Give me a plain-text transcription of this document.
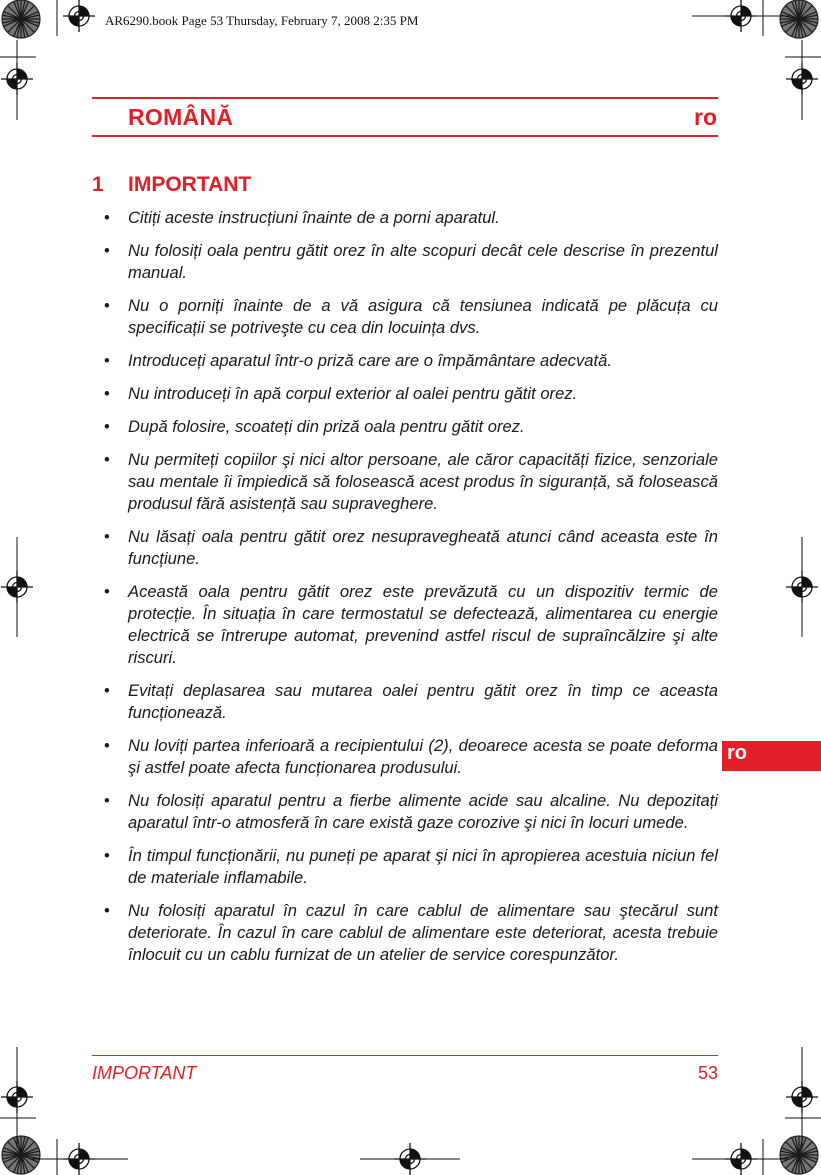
AR6290.book Page 53 Thursday, February 7, 2008 2:35 PM
ROMÂNĂ	ro
1 IMPORTANT
• Citiți aceste instrucțiuni înainte de a porni aparatul.
• Nu folosiți oala pentru gătit orez în alte scopuri decât cele descrise în prezentul manual.
• Nu o porniți înainte de a vă asigura că tensiunea indicată pe plăcuța cu specificații se potriveşte cu cea din locuința dvs.
• Introduceți aparatul într-o priză care are o împământare adecvată.
• Nu introduceți în apă corpul exterior al oalei pentru gătit orez.
• După folosire, scoateți din priză oala pentru gătit orez.
• Nu permiteți copiilor şi nici altor persoane, ale căror capacități fizice, senzoriale sau mentale îi împiedică să folosească acest produs în siguranță, să folosească produsul fără asistență sau supraveghere.
• Nu lăsați oala pentru gătit orez nesupravegheată atunci când aceasta este în funcțiune.
• Această oala pentru gătit orez este prevăzută cu un dispozitiv termic de protecție. În situația în care termostatul se defectează, alimentarea cu energie electrică se întrerupe automat, prevenind astfel riscul de supraîncălzire şi alte riscuri.
• Evitați deplasarea sau mutarea oalei pentru gătit orez în timp ce aceasta funcționează.
• Nu loviți partea inferioară a recipientului (2), deoarece acesta se poate deforma şi astfel poate afecta funcționarea produsului.
• Nu folosiți aparatul pentru a fierbe alimente acide sau alcaline. Nu depozitați aparatul într-o atmosferă în care există gaze corozive şi nici în locuri umede.
• În timpul funcționării, nu puneți pe aparat şi nici în apropierea acestuia niciun fel de materiale inflamabile.
• Nu folosiți aparatul în cazul în care cablul de alimentare sau ştecărul sunt deteriorate. În cazul în care cablul de alimentare este deteriorat, acesta trebuie înlocuit cu un cablu furnizat de un atelier de service corespunzător.
ro
IMPORTANT	53
